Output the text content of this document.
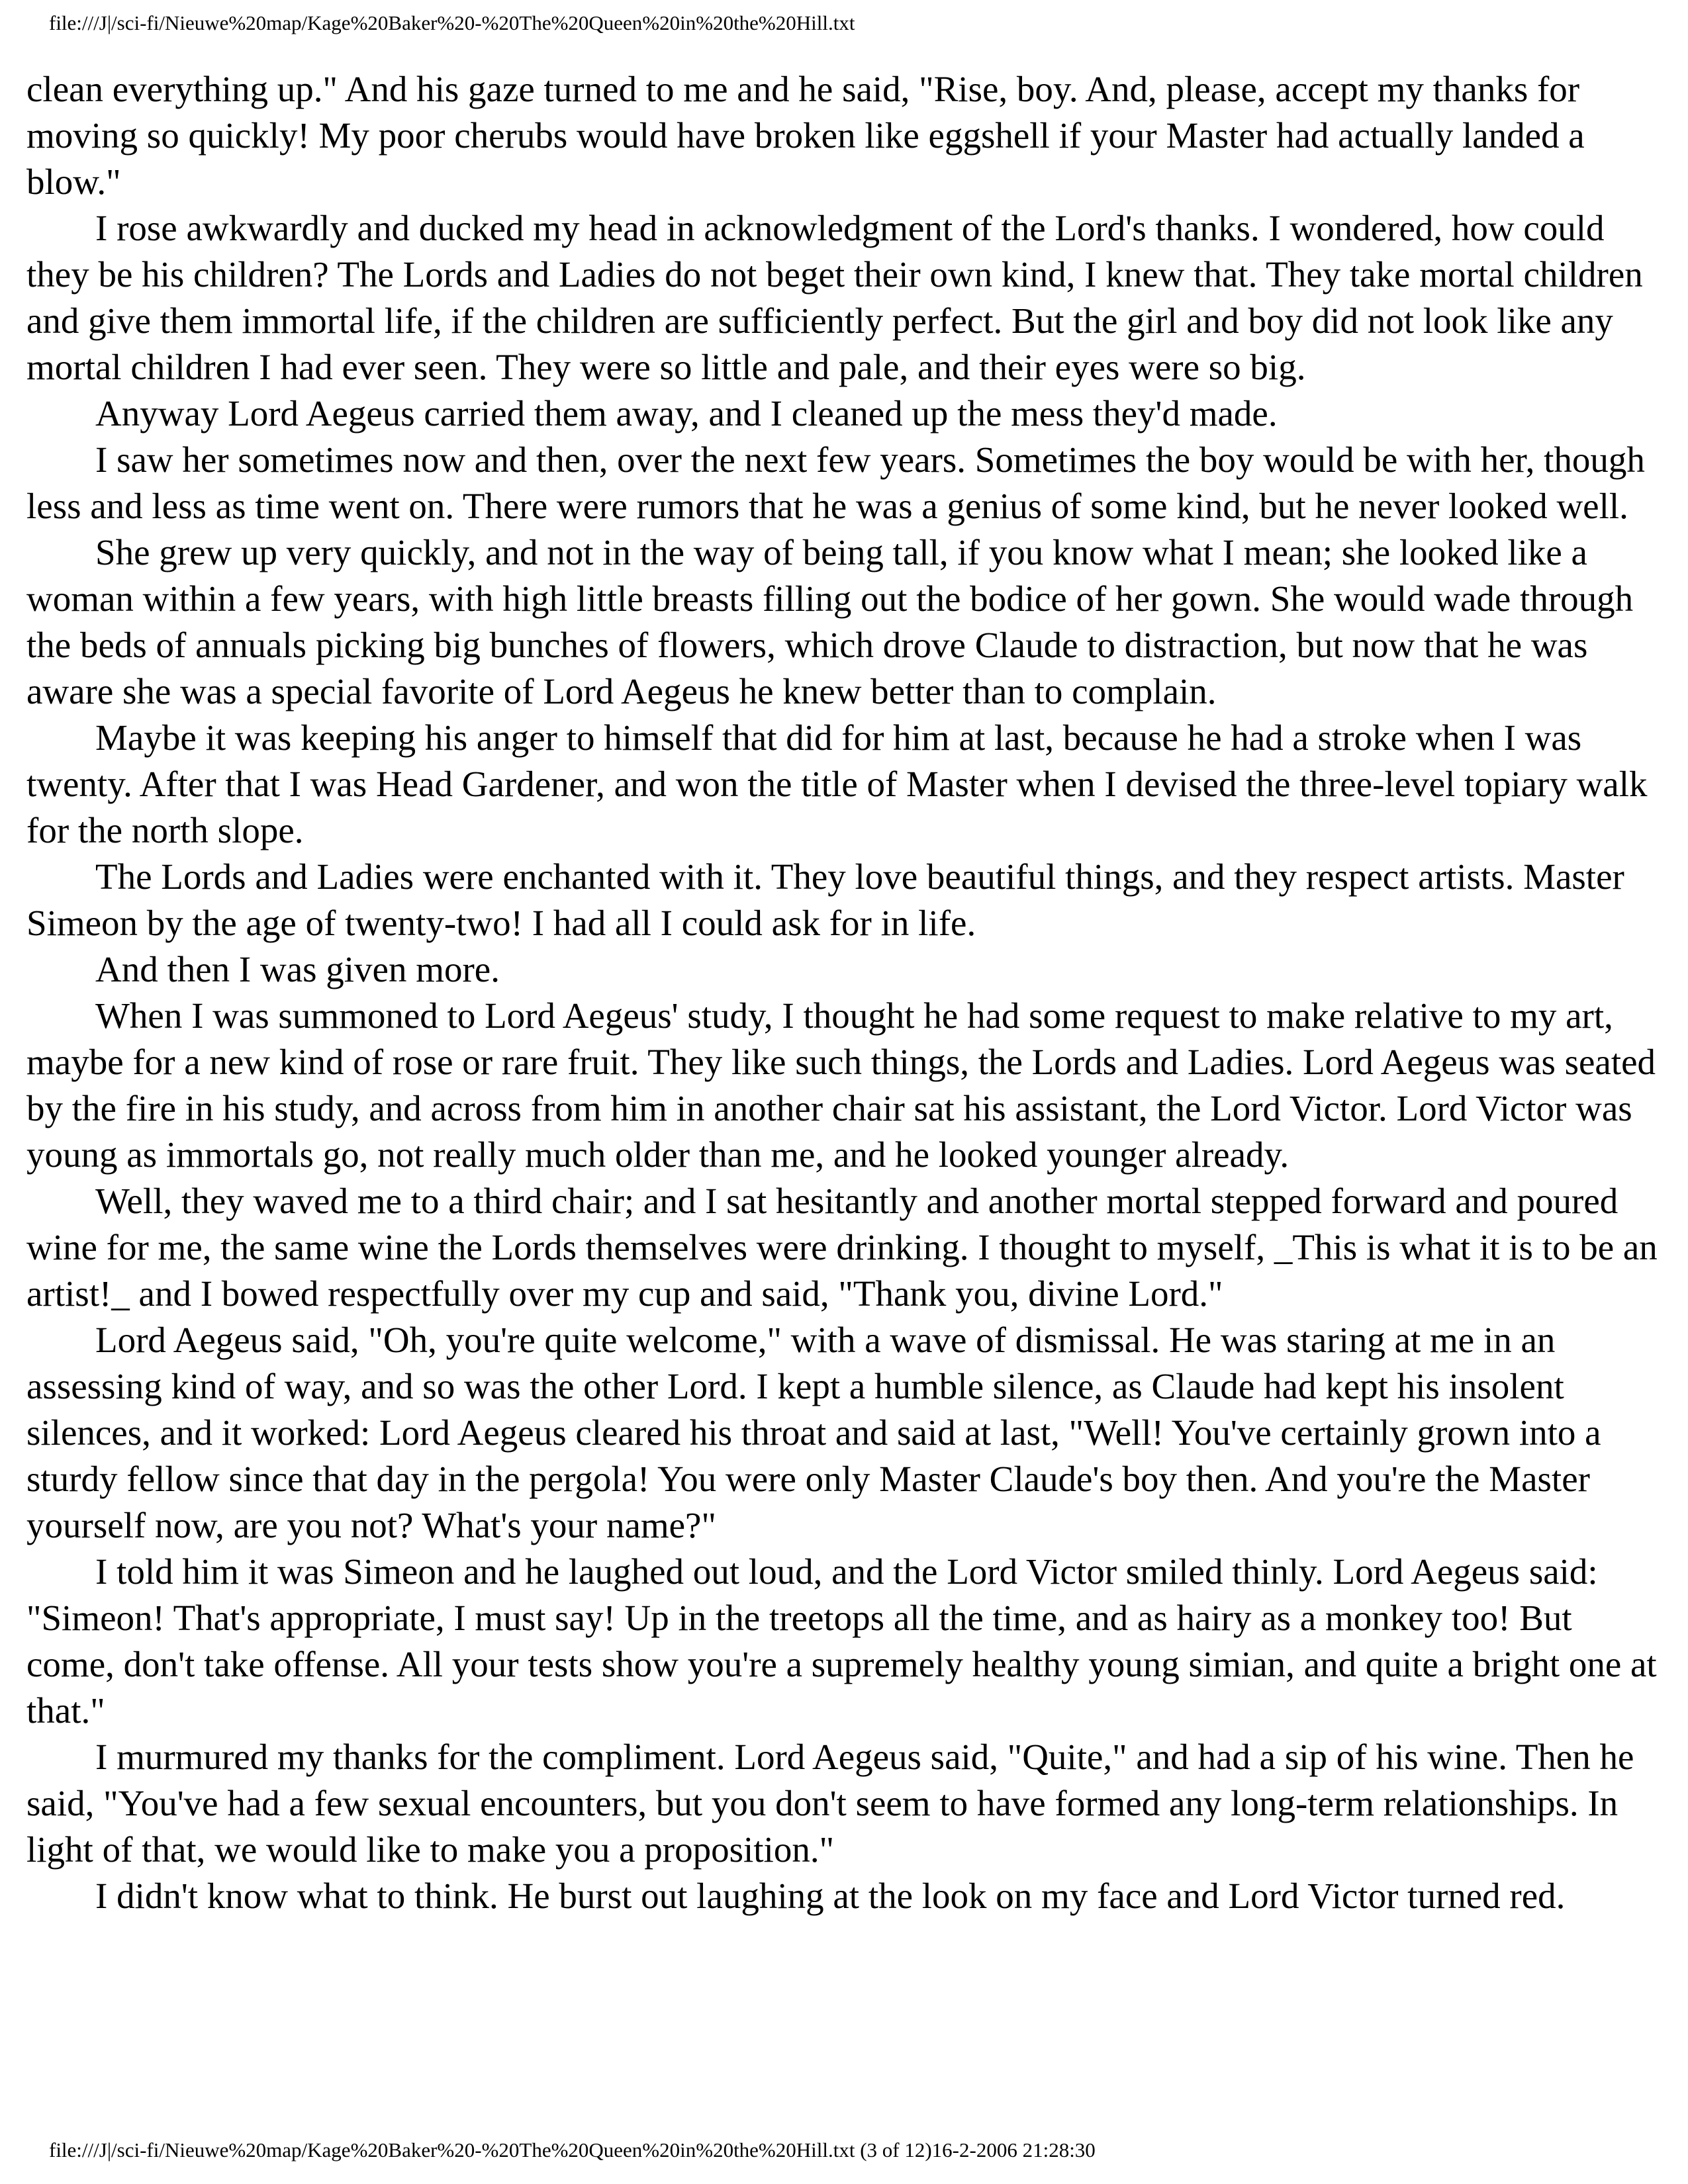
file:///J|/sci-fi/Nieuwe%20map/Kage%20Baker%20-%20The%20Queen%20in%20the%20Hill.txt

clean everything up." And his gaze turned to me and he said, "Rise, boy. And, please, accept my thanks for moving so quickly! My poor cherubs would have broken like eggshell if your Master had actually landed a blow."

I rose awkwardly and ducked my head in acknowledgment of the Lord's thanks. I wondered, how could they be his children? The Lords and Ladies do not beget their own kind, I knew that. They take mortal children and give them immortal life, if the children are sufficiently perfect. But the girl and boy did not look like any mortal children I had ever seen. They were so little and pale, and their eyes were so big.

Anyway Lord Aegeus carried them away, and I cleaned up the mess they'd made.

I saw her sometimes now and then, over the next few years. Sometimes the boy would be with her, though less and less as time went on. There were rumors that he was a genius of some kind, but he never looked well.

She grew up very quickly, and not in the way of being tall, if you know what I mean; she looked like a woman within a few years, with high little breasts filling out the bodice of her gown. She would wade through the beds of annuals picking big bunches of flowers, which drove Claude to distraction, but now that he was aware she was a special favorite of Lord Aegeus he knew better than to complain.

Maybe it was keeping his anger to himself that did for him at last, because he had a stroke when I was twenty. After that I was Head Gardener, and won the title of Master when I devised the three-level topiary walk for the north slope.

The Lords and Ladies were enchanted with it. They love beautiful things, and they respect artists. Master Simeon by the age of twenty-two! I had all I could ask for in life.

And then I was given more.

When I was summoned to Lord Aegeus' study, I thought he had some request to make relative to my art, maybe for a new kind of rose or rare fruit. They like such things, the Lords and Ladies. Lord Aegeus was seated by the fire in his study, and across from him in another chair sat his assistant, the Lord Victor. Lord Victor was young as immortals go, not really much older than me, and he looked younger already.

Well, they waved me to a third chair; and I sat hesitantly and another mortal stepped forward and poured wine for me, the same wine the Lords themselves were drinking. I thought to myself, _This is what it is to be an artist!_ and I bowed respectfully over my cup and said, "Thank you, divine Lord."

Lord Aegeus said, "Oh, you're quite welcome," with a wave of dismissal. He was staring at me in an assessing kind of way, and so was the other Lord. I kept a humble silence, as Claude had kept his insolent silences, and it worked: Lord Aegeus cleared his throat and said at last, "Well! You've certainly grown into a sturdy fellow since that day in the pergola! You were only Master Claude's boy then. And you're the Master yourself now, are you not? What's your name?"

I told him it was Simeon and he laughed out loud, and the Lord Victor smiled thinly. Lord Aegeus said: "Simeon! That's appropriate, I must say! Up in the treetops all the time, and as hairy as a monkey too! But come, don't take offense. All your tests show you're a supremely healthy young simian, and quite a bright one at that."

I murmured my thanks for the compliment. Lord Aegeus said, "Quite," and had a sip of his wine. Then he said, "You've had a few sexual encounters, but you don't seem to have formed any long-term relationships. In light of that, we would like to make you a proposition."

I didn't know what to think. He burst out laughing at the look on my face and Lord Victor turned red.

file:///J|/sci-fi/Nieuwe%20map/Kage%20Baker%20-%20The%20Queen%20in%20the%20Hill.txt (3 of 12)16-2-2006 21:28:30
